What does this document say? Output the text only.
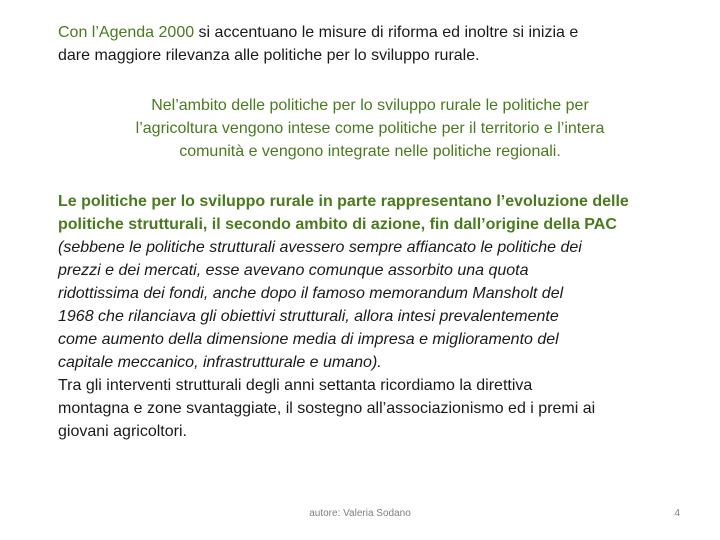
Con l’Agenda 2000 si accentuano le misure di riforma ed inoltre si inizia e
dare maggiore rilevanza alle politiche per lo sviluppo rurale.

Nel’ambito delle politiche per lo sviluppo rurale le politiche per
l’agricoltura vengono intese come politiche per il territorio e l’intera
comunità e vengono integrate nelle politiche regionali.

Le politiche per lo sviluppo rurale in parte rappresentano l’evoluzione delle
politiche strutturali, il secondo ambito di azione, fin dall’origine della PAC
(sebbene le politiche strutturali avessero sempre affiancato le politiche dei
prezzi e dei mercati, esse avevano comunque assorbito una quota
ridottissima dei fondi, anche dopo il famoso memorandum Mansholt del
1968 che rilanciava gli obiettivi strutturali, allora intesi prevalentemente
come aumento della dimensione media di impresa e miglioramento del
capitale meccanico, infrastrutturale e umano).
Tra gli interventi strutturali degli anni settanta ricordiamo la direttiva
montagna e zone svantaggiate, il sostegno all’associazionismo ed i premi ai
giovani agricoltori.

autore: Valeria Sodano	4
